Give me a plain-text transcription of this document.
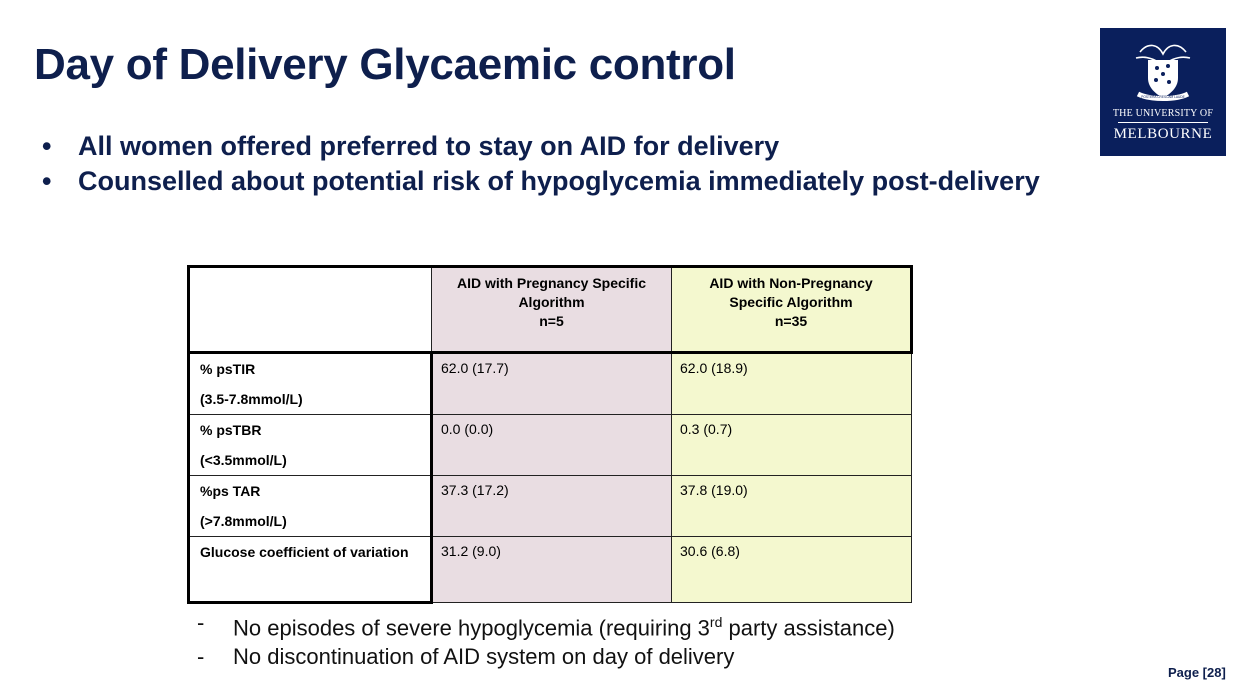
Day of Delivery Glycaemic control
POSTERA CRESCAM LAUDE
THE UNIVERSITY OF
MELBOURNE
• All women offered preferred to stay on AID for delivery
• Counselled about potential risk of hypoglycemia immediately post-delivery

	AID with Pregnancy Specific
Algorithm
n=5	AID with Non-Pregnancy
Specific Algorithm
n=35

% psTIR
(3.5-7.8mmol/L)	62.0 (17.7)	62.0 (18.9)

% psTBR
(<3.5mmol/L)	0.0 (0.0)	0.3 (0.7)

%ps TAR
(>7.8mmol/L)	37.3 (17.2)	37.8 (19.0)

Glucose coefficient of variation	31.2 (9.0)	30.6 (6.8)
- No episodes of severe hypoglycemia (requiring 3rd party assistance)
- No discontinuation of AID system on day of delivery
Page [28]
